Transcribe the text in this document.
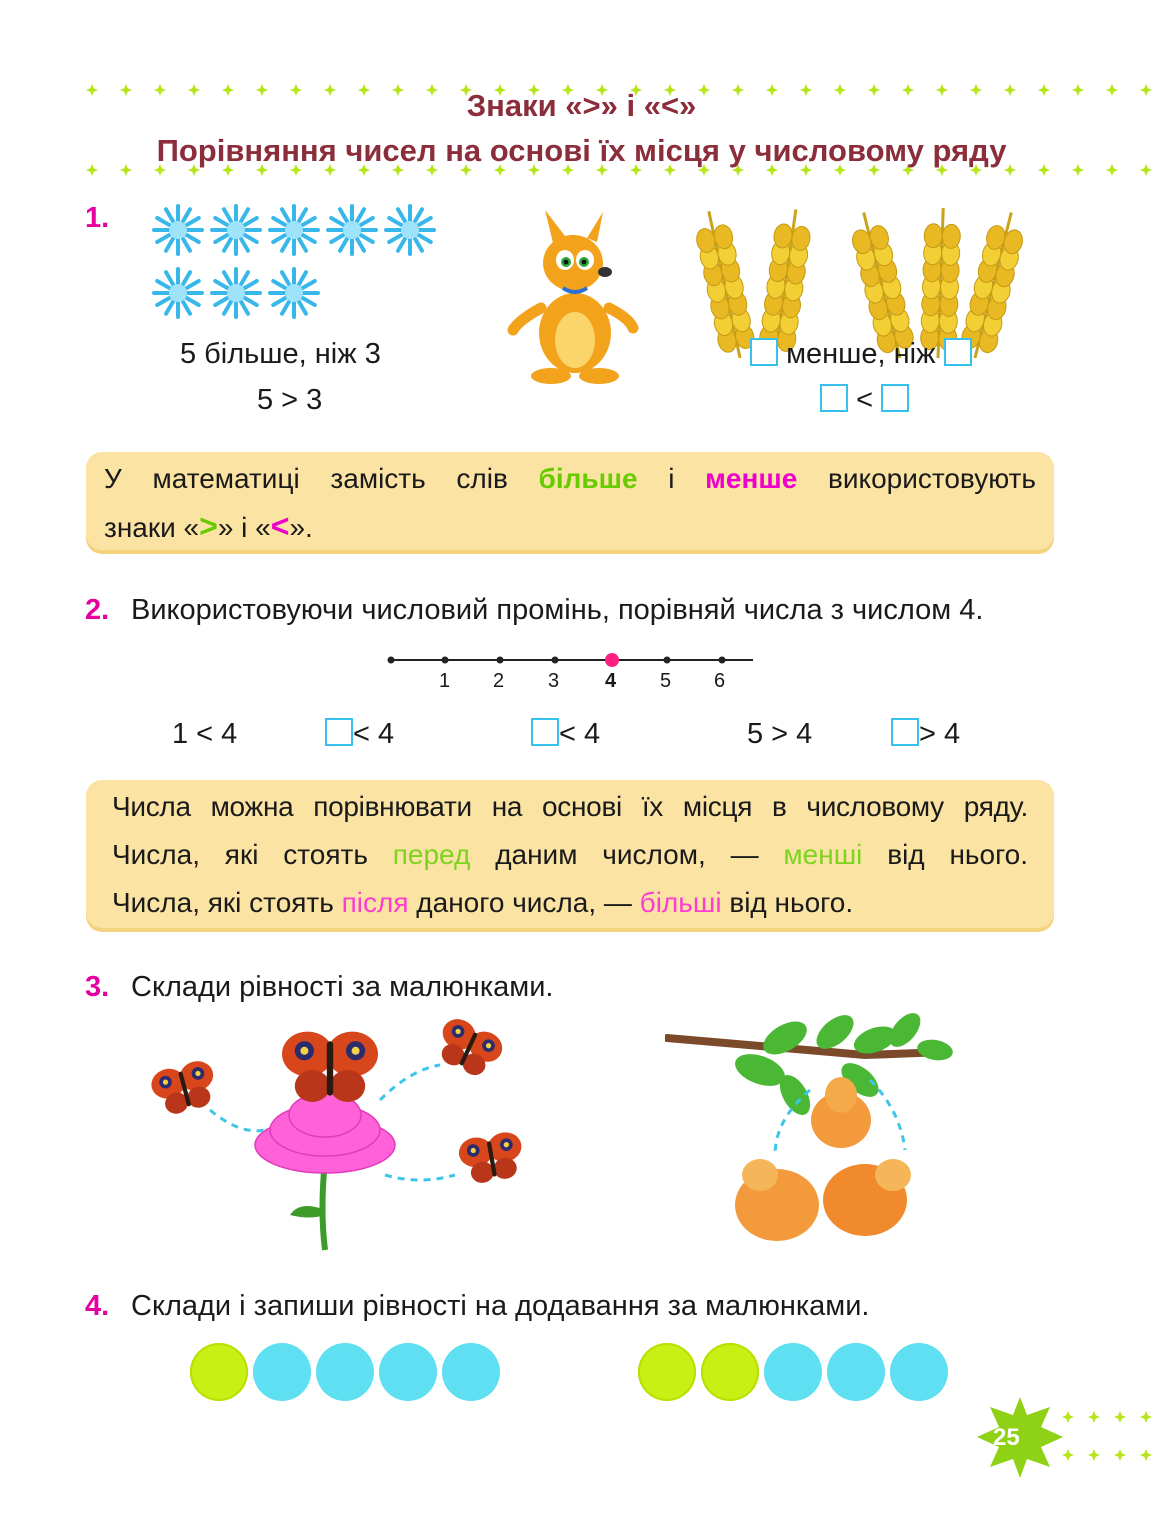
Знаки «>» і «<»
Порівняння чисел на основі їх місця у числовому ряду
1.
5 більше, ніж 3
5 > 3
менше, ніж
<

У математиці замість слів більше і менше використовують

знаки «>» і «<».

2. Використовуючи числовий промінь, порівняй числа з числом 4.
1 2 3 4 5 6
1 < 4	< 4	< 4	5 > 4	> 4

Числа можна порівнювати на основі їх місця в числовому ряду.

Числа, які стоять перед даним числом, — менші від нього.

Числа, які стоять після даного числа, — більші від нього.

3. Склади рівності за малюнками.
4. Склади і запиши рівності на додавання за малюнками.
25
